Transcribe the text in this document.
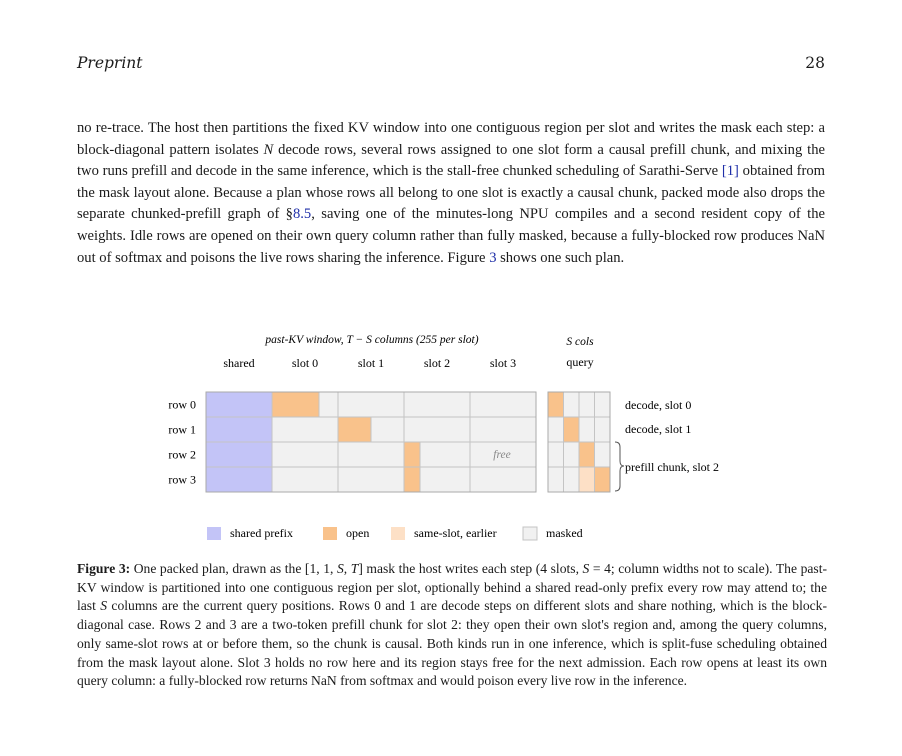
Preprint	28
no re-trace. The host then partitions the fixed KV window into one contiguous region per slot and writes the mask each step: a block-diagonal pattern isolates N decode rows, several rows assigned to one slot form a causal prefill chunk, and mixing the two runs prefill and decode in the same inference, which is the stall-free chunked scheduling of Sarathi-Serve [1] obtained from the mask layout alone. Because a plan whose rows all belong to one slot is exactly a causal chunk, packed mode also drops the separate chunked-prefill graph of §8.5, saving one of the minutes-long NPU compiles and a second resident copy of the weights. Idle rows are opened on their own query column rather than fully masked, because a fully-blocked row produces NaN out of softmax and poisons the live rows sharing the inference. Figure 3 shows one such plan.
past-KV window, T − S columns (255 per slot)	S cols
query
shared	slot 0	slot 1	slot 2	slot 3
row 0
row 1
row 2
row 3
free
decode, slot 0
decode, slot 1
prefill chunk, slot 2
shared prefix	open	same-slot, earlier	masked
Figure 3: One packed plan, drawn as the [1, 1, S, T] mask the host writes each step (4 slots, S = 4; column widths not to scale). The past-KV window is partitioned into one contiguous region per slot, optionally behind a shared read-only prefix every row may attend to; the last S columns are the current query positions. Rows 0 and 1 are decode steps on different slots and share nothing, which is the block-diagonal case. Rows 2 and 3 are a two-token prefill chunk for slot 2: they open their own slot's region and, among the query columns, only same-slot rows at or before them, so the chunk is causal. Both kinds run in one inference, which is split-fuse scheduling obtained from the mask layout alone. Slot 3 holds no row here and its region stays free for the next admission. Each row opens at least its own query column: a fully-blocked row returns NaN from softmax and would poison every live row in the inference.
